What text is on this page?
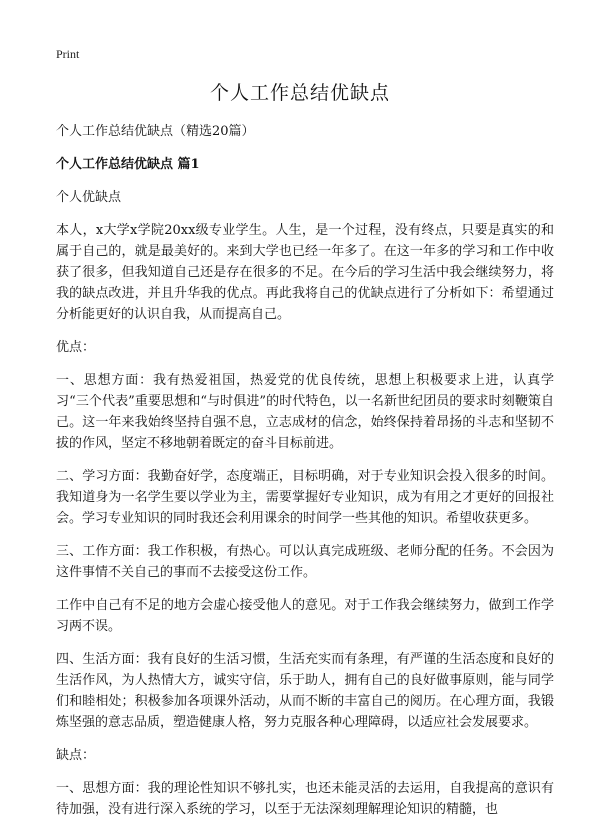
Print
个人工作总结优缺点

个人工作总结优缺点（精选20篇）

个人工作总结优缺点 篇1

个人优缺点

本人，x大学x学院20xx级专业学生。人生，是一个过程，没有终点，只要是真实的和属于自己的，就是最美好的。来到大学也已经一年多了。在这一年多的学习和工作中收获了很多，但我知道自己还是存在很多的不足。在今后的学习生活中我会继续努力，将我的缺点改进，并且升华我的优点。再此我将自己的优缺点进行了分析如下：希望通过分析能更好的认识自我，从而提高自己。

优点：

一、思想方面：我有热爱祖国，热爱党的优良传统，思想上积极要求上进，认真学习“三个代表”重要思想和“与时俱进”的时代特色，以一名新世纪团员的要求时刻鞭策自己。这一年来我始终坚持自强不息，立志成材的信念，始终保持着昂扬的斗志和坚韧不拔的作风，坚定不移地朝着既定的奋斗目标前进。

二、学习方面：我勤奋好学，态度端正，目标明确，对于专业知识会投入很多的时间。我知道身为一名学生要以学业为主，需要掌握好专业知识，成为有用之才更好的回报社会。学习专业知识的同时我还会利用课余的时间学一些其他的知识。希望收获更多。

三、工作方面：我工作积极，有热心。可以认真完成班级、老师分配的任务。不会因为这件事情不关自己的事而不去接受这份工作。

工作中自己有不足的地方会虚心接受他人的意见。对于工作我会继续努力，做到工作学习两不误。

四、生活方面：我有良好的生活习惯，生活充实而有条理，有严谨的生活态度和良好的生活作风，为人热情大方，诚实守信，乐于助人，拥有自己的良好做事原则，能与同学们和睦相处；积极参加各项课外活动，从而不断的丰富自己的阅历。在心理方面，我锻炼坚强的意志品质，塑造健康人格，努力克服各种心理障碍，以适应社会发展要求。

缺点：

一、思想方面：我的理论性知识不够扎实，也还未能灵活的去运用，自我提高的意识有待加强，没有进行深入系统的学习，以至于无法深刻理解理论知识的精髓，也
